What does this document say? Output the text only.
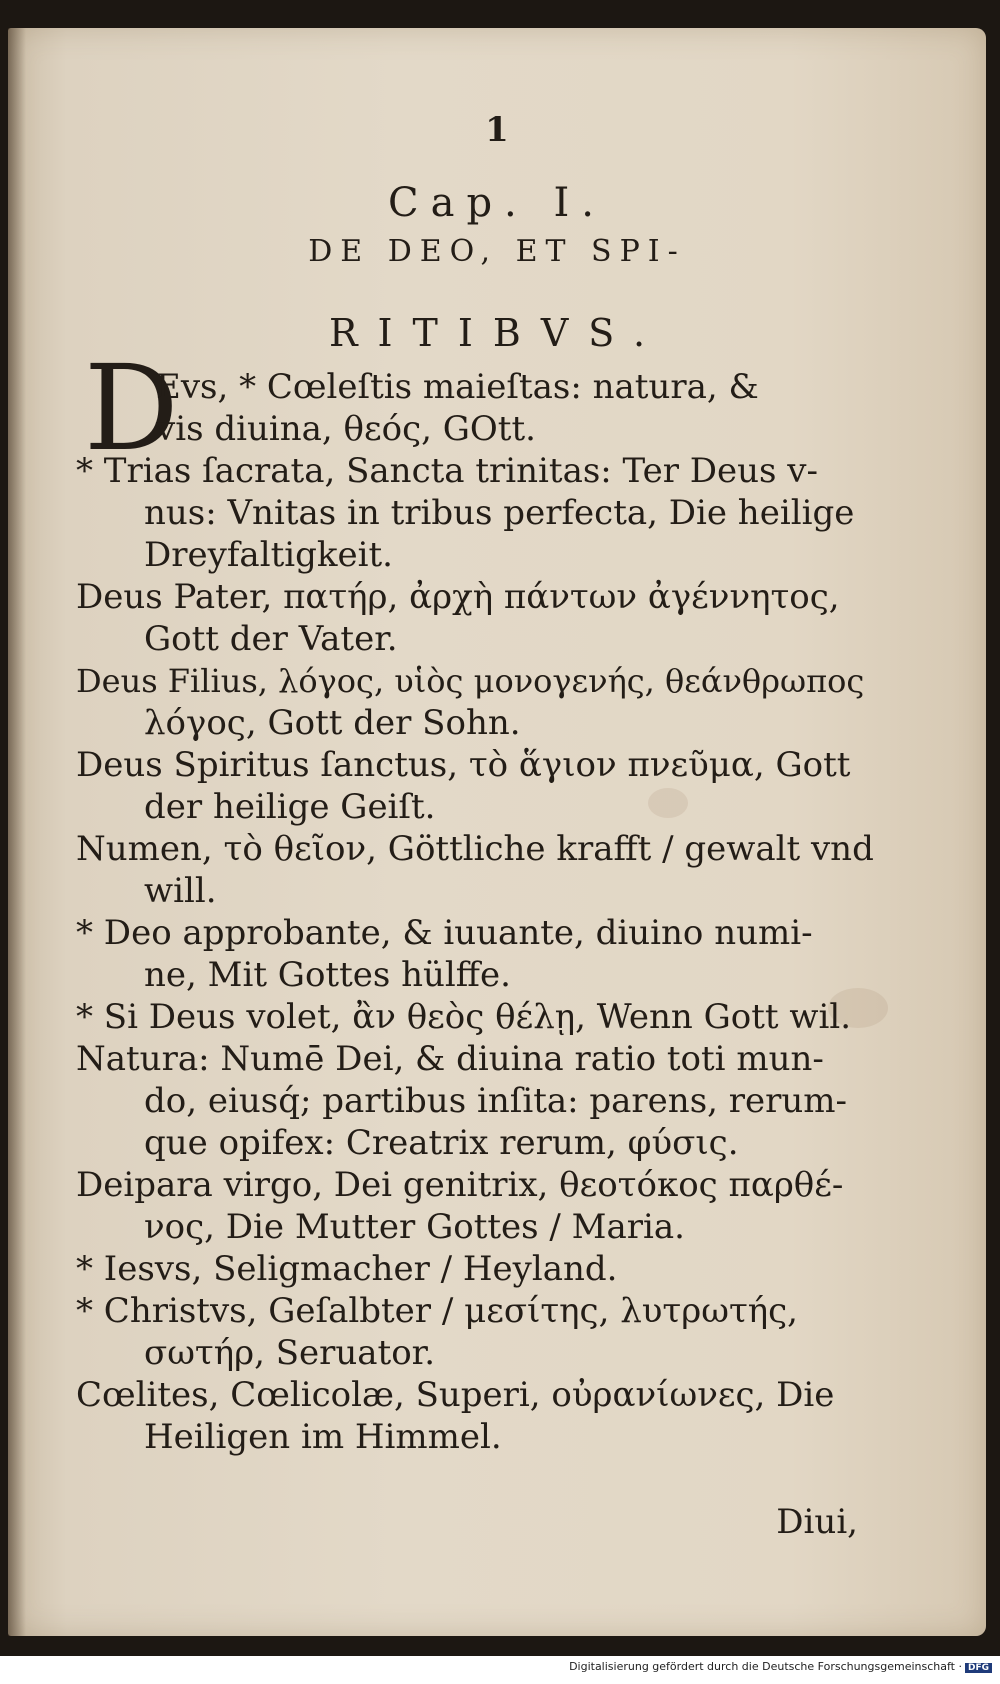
1
Cap. I.
DE DEO, ET SPI-
RITIBVS.
D
Evs, * Cœleſtis maieſtas: natura, &
vis diuina, θεός, GOtt.
* Trias ſacrata, Sancta trinitas: Ter Deus v-
nus: Vnitas in tribus perfecta, Die heilige
Dreyfaltigkeit.
Deus Pater, πατήρ, ἀρχὴ πάντων ἀγέννητος,
Gott der Vater.
Deus Filius, λόγος, υἱὸς μονογενής, θεάνθρωπος
λόγος, Gott der Sohn.
Deus Spiritus ſanctus, τὸ ἅγιον πνεῦμα, Gott
der heilige Geiſt.
Numen, τὸ θεῖον, Göttliche krafft / gewalt vnd
will.
* Deo approbante, & iuuante, diuino numi-
ne, Mit Gottes hülffe.
* Si Deus volet, ἂν θεὸς θέλῃ, Wenn Gott wil.
Natura: Numē Dei, & diuina ratio toti mun-
do, eiusq́; partibus inſita: parens, rerum-
que opifex: Creatrix rerum, φύσις.
Deipara virgo, Dei genitrix, θεοτόκος παρθέ-
νος, Die Mutter Gottes / Maria.
* Iesvs, Seligmacher / Heyland.
* Christvs, Geſalbter / μεσίτης, λυτρωτής,
σωτήρ, Seruator.
Cœlites, Cœlicolæ, Superi, οὐρανίωνες, Die
Heiligen im Himmel.
Diui,
Digitalisierung gefördert durch die Deutsche Forschungsgemeinschaft · DFG
